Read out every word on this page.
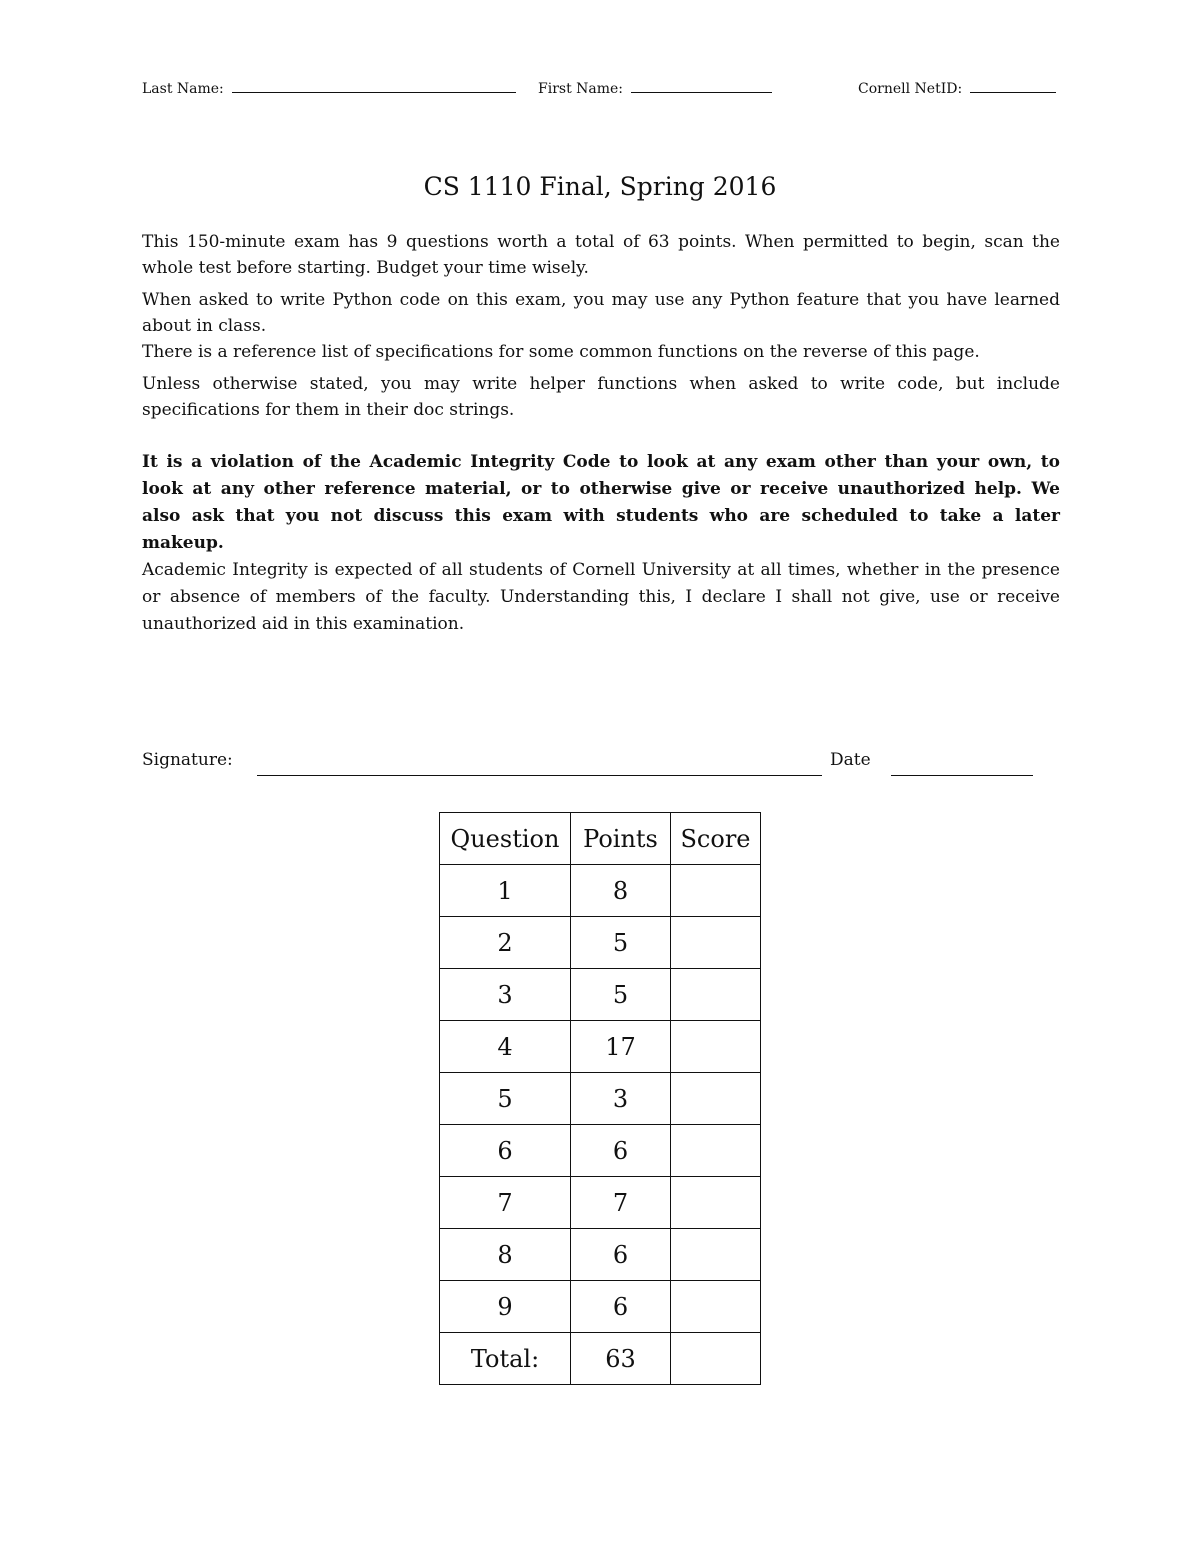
Last Name:	First Name:	Cornell NetID:
CS 1110 Final, Spring 2016

This 150-minute exam has 9 questions worth a total of 63 points. When permitted to begin, scan the whole test before starting. Budget your time wisely.

When asked to write Python code on this exam, you may use any Python feature that you have learned about in class.

There is a reference list of specifications for some common functions on the reverse of this page.

Unless otherwise stated, you may write helper functions when asked to write code, but include specifications for them in their doc strings.

It is a violation of the Academic Integrity Code to look at any exam other than your own, to look at any other reference material, or to otherwise give or receive unauthorized help. We also ask that you not discuss this exam with students who are scheduled to take a later makeup.

Academic Integrity is expected of all students of Cornell University at all times, whether in the presence or absence of members of the faculty. Understanding this, I declare I shall not give, use or receive unauthorized aid in this examination.

Signature:	Date
Question	Points	Score
1	8	
2	5	
3	5	
4	17	
5	3	
6	6	
7	7	
8	6	
9	6	
Total:	63	
